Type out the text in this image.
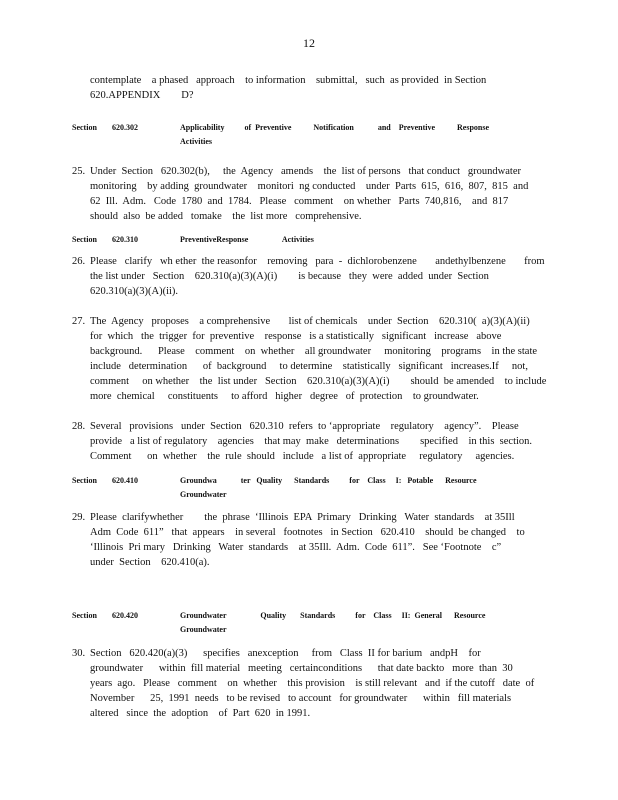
12
contemplate    a phased   approach    to information    submittal,   such  as provided  in Section
620.APPENDIX        D?
Section 620.302	Applicability          of  Preventive           Notification            and    Preventive           Response
Activities
25. Under  Section   620.302(b),     the  Agency   amends    the  list of persons   that conduct   groundwater
monitoring    by adding  groundwater    monitori  ng conducted    under  Parts  615,  616,  807,  815  and
62  Ill.  Adm.   Code  1780  and  1784.   Please   comment    on whether   Parts  740,816,    and  817
should  also  be added   tomake    the  list more   comprehensive.
Section 620.310	PreventiveResponse                 Activities
26. Please   clarify   wh ether  the reasonfor    removing   para  -  dichlorobenzene       andethylbenzene       from
the list under   Section    620.310(a)(3)(A)(i)        is because   they  were  added  under  Section
620.310(a)(3)(A)(ii).
27. The  Agency   proposes    a comprehensive       list of chemicals    under  Section    620.310(  a)(3)(A)(ii)
for  which   the  trigger  for  preventive    response   is a statistically   significant   increase   above
background.      Please    comment    on  whether    all groundwater     monitoring    programs    in the state
include   determination      of  background     to determine    statistically   significant   increases.If     not,
comment     on whether    the  list under   Section    620.310(a)(3)(A)(i)        should  be amended    to include
more  chemical     constituents     to afford   higher   degree   of  protection    to groundwater.
28. Several   provisions   under  Section   620.310  refers  to ‘appropriate    regulatory    agency”.    Please
provide   a list of regulatory    agencies    that may  make   determinations        specified    in this  section.
Comment      on  whether    the  rule  should   include   a list of  appropriate     regulatory     agencies.
Section 620.410	Groundwa            ter   Quality      Standards          for    Class     I:   Potable      Resource
Groundwater
29. Please  clarifywhether        the  phrase  ‘Illinois  EPA  Primary   Drinking   Water  standards    at 35Ill
Adm  Code  611”   that  appears    in several   footnotes   in Section   620.410    should  be changed    to
‘Illinois  Pri mary   Drinking   Water  standards    at 35Ill.  Adm.  Code  611”.   See ‘Footnote    c”
under  Section    620.410(a).
Section 620.420	Groundwater                 Quality       Standards          for    Class     II:  General      Resource
Groundwater
30. Section   620.420(a)(3)      specifies   anexception     from   Class  II for barium   andpH    for
groundwater      within  fill material   meeting   certainconditions      that date backto   more  than  30
years  ago.   Please   comment    on  whether    this provision    is still relevant   and  if the cutoff   date  of
November      25,  1991  needs   to be revised   to account   for groundwater      within   fill materials
altered   since  the  adoption    of  Part  620  in 1991.
